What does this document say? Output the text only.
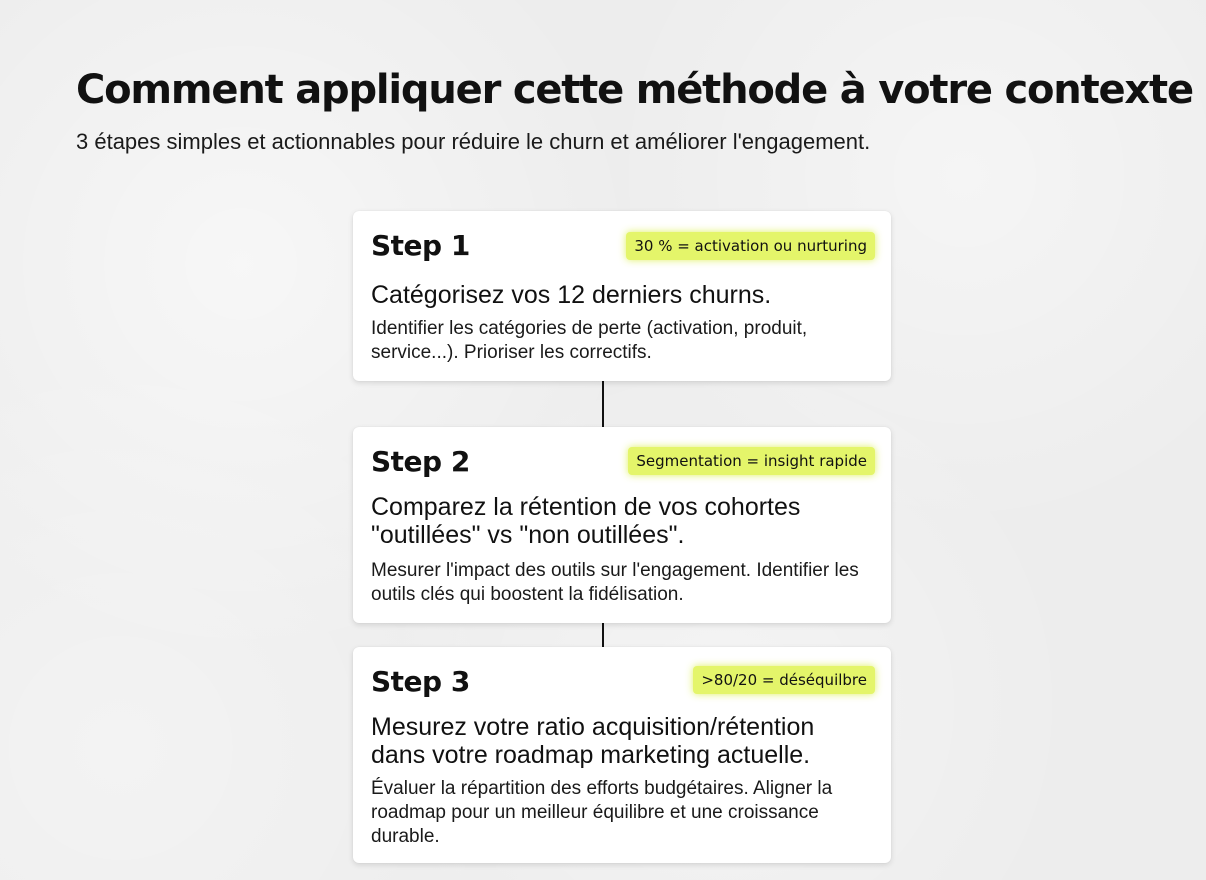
Comment appliquer cette méthode à votre contexte

3 étapes simples et actionnables pour réduire le churn et améliorer l'engagement.

Step 1	30 % = activation ou nurturing

Catégorisez vos 12 derniers churns.

Identifier les catégories de perte (activation, produit, service...). Prioriser les correctifs.

Step 2	Segmentation = insight rapide

Comparez la rétention de vos cohortes "outillées" vs "non outillées".

Mesurer l'impact des outils sur l'engagement. Identifier les outils clés qui boostent la fidélisation.

Step 3	>80/20 = déséquilbre

Mesurez votre ratio acquisition/rétention dans votre roadmap marketing actuelle.

Évaluer la répartition des efforts budgétaires. Aligner la roadmap pour un meilleur équilibre et une croissance durable.
